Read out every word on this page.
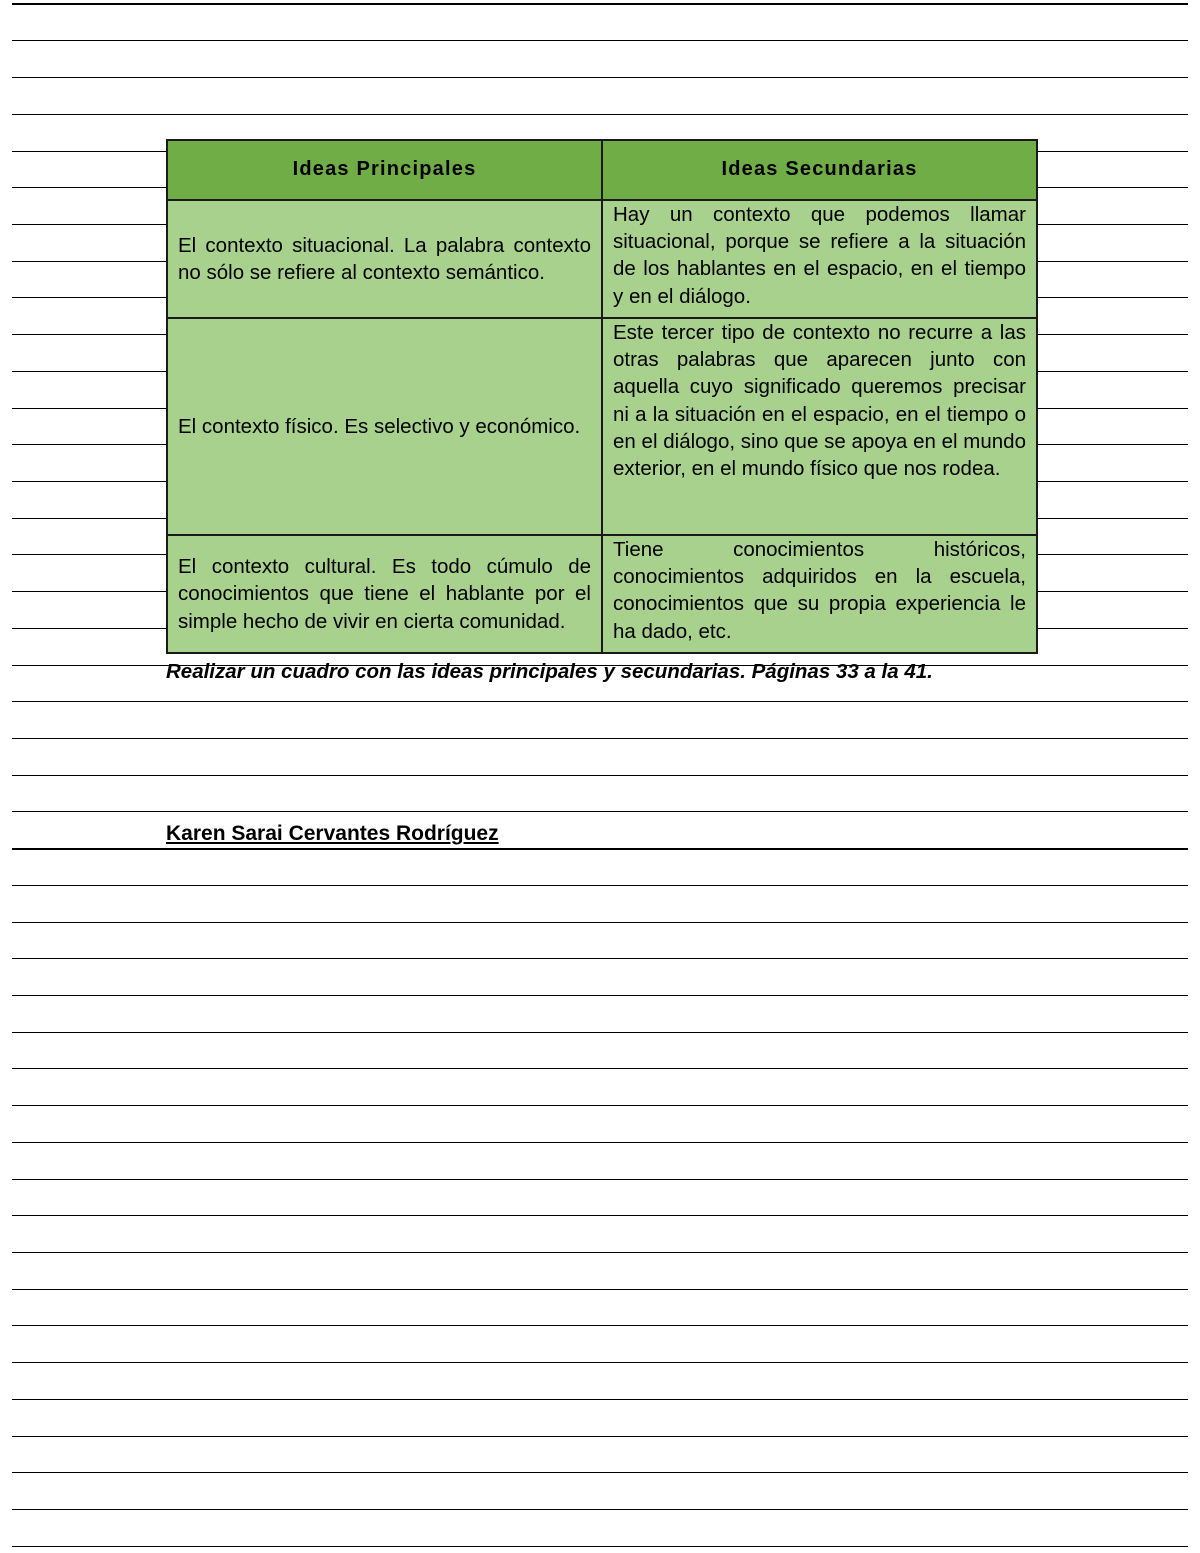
Ideas Principales	Ideas Secundarias
El contexto situacional. La palabra contexto no sólo se refiere al contexto semántico.	Hay un contexto que podemos llamar situacional, porque se refiere a la situación de los hablantes en el espacio, en el tiempo y en el diálogo.
El contexto físico. Es selectivo y económico.	Este tercer tipo de contexto no recurre a las otras palabras que aparecen junto con aquella cuyo significado queremos precisar ni a la situación en el espacio, en el tiempo o en el diálogo, sino que se apoya en el mundo exterior, en el mundo físico que nos rodea.
El contexto cultural. Es todo cúmulo de conocimientos que tiene el hablante por el simple hecho de vivir en cierta comunidad.	Tiene conocimientos históricos, conocimientos adquiridos en la escuela, conocimientos que su propia experiencia le ha dado, etc.
Realizar un cuadro con las ideas principales y secundarias. Páginas 33 a la 41.
Karen Sarai Cervantes Rodríguez
